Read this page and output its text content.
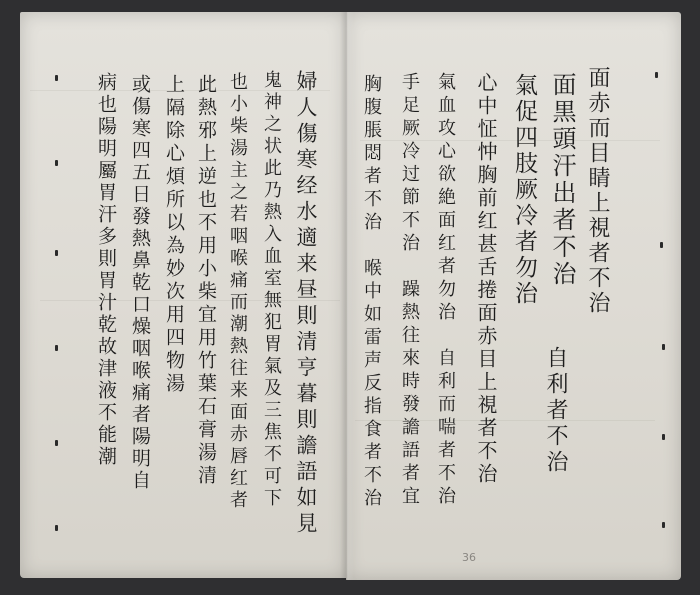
面赤而目睛上視者不治
面黒頭汗出者不治
氣促四肢厥冷者勿治
心中怔忡胸前红甚舌捲面赤目上視者不治
氣血攻心欲絶面红者勿治　自利而喘者不治
手足厥冷过節不治　躁熱往來時發譫語者宜
胸腹脹悶者不治　喉中如雷声反指食者不治	自利者不治
婦人傷寒经水適来昼則清亨暮則譫語如見
鬼神之状此乃熱入血室無犯胃氣及三焦不可下
也小柴湯主之若咽喉痛而潮熱往来面赤唇红者
此熱邪上逆也不用小柴宜用竹葉石膏湯清
上隔除心煩所以為妙次用四物湯
或傷寒四五日發熱鼻乾口燥咽喉痛者陽明自
病也陽明屬胃汗多則胃汁乾故津液不能潮
36
